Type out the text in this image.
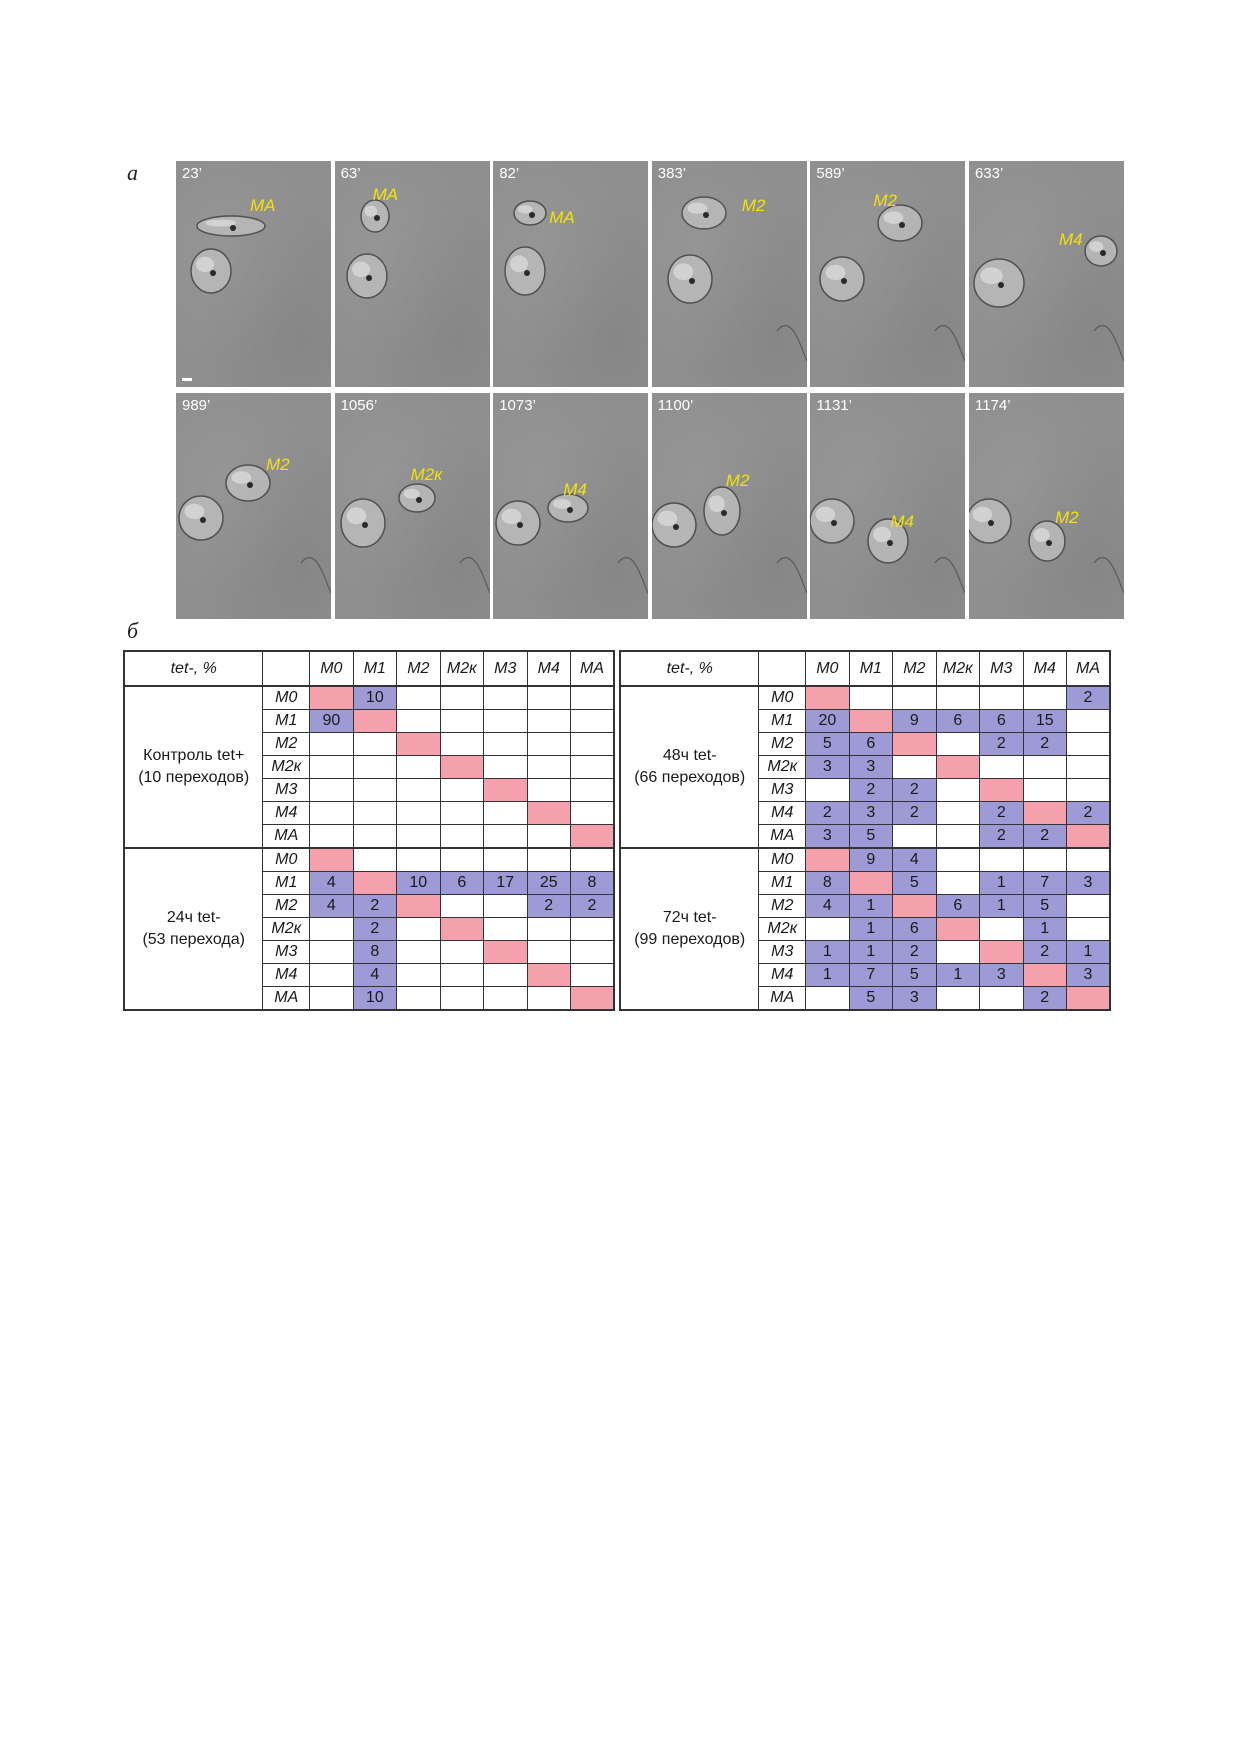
а	23’
MA
63’
MA
82’
MA
383’
M2
589’
M2
633’
M4
989’
M2
1056’
M2к
1073’
M4
1100’
M2
1131’
M4
1174’
M2
б
tet-, %		M0	M1	M2	M2к	M3	M4	MA

Контроль tet+
(10 переходов)	M0		10					
	M1	90						
	M2							
	M2к							
	M3							
	M4							
	MA							

24ч tet-
(53 перехода)	M0							
	M1	4		10	6	17	25	8
	M2	4	2				2	2
	M2к		2					
	M3		8					
	M4		4					
	MA		10					
tet-, %		M0	M1	M2	M2к	M3	M4	MA

48ч tet-
(66 переходов)	M0							2
	M1	20		9	6	6	15	
	M2	5	6			2	2	
	M2к	3	3					
	M3		2	2				
	M4	2	3	2		2		2
	MA	3	5			2	2	

72ч tet-
(99 переходов)	M0		9	4				
	M1	8		5		1	7	3
	M2	4	1		6	1	5	
	M2к		1	6			1	
	M3	1	1	2			2	1
	M4	1	7	5	1	3		3
	MA		5	3			2	
